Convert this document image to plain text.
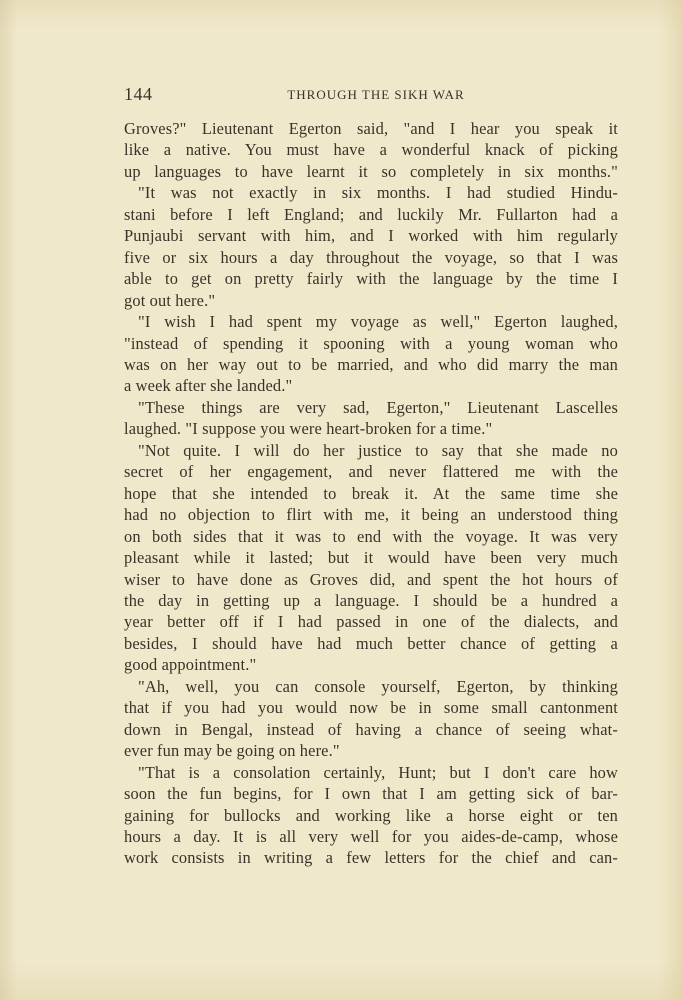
144	THROUGH THE SIKH WAR

Groves?" Lieutenant Egerton said, "and I hear you speak it

like a native. You must have a wonderful knack of picking

up languages to have learnt it so completely in six months."

"It was not exactly in six months. I had studied Hindu-

stani before I left England; and luckily Mr. Fullarton had a

Punjaubi servant with him, and I worked with him regularly

five or six hours a day throughout the voyage, so that I was

able to get on pretty fairly with the language by the time I

got out here."

"I wish I had spent my voyage as well," Egerton laughed,

"instead of spending it spooning with a young woman who

was on her way out to be married, and who did marry the man

a week after she landed."

"These things are very sad, Egerton," Lieutenant Lascelles

laughed. "I suppose you were heart-broken for a time."

"Not quite. I will do her justice to say that she made no

secret of her engagement, and never flattered me with the

hope that she intended to break it. At the same time she

had no objection to flirt with me, it being an understood thing

on both sides that it was to end with the voyage. It was very

pleasant while it lasted; but it would have been very much

wiser to have done as Groves did, and spent the hot hours of

the day in getting up a language. I should be a hundred a

year better off if I had passed in one of the dialects, and

besides, I should have had much better chance of getting a

good appointment."

"Ah, well, you can console yourself, Egerton, by thinking

that if you had you would now be in some small cantonment

down in Bengal, instead of having a chance of seeing what-

ever fun may be going on here."

"That is a consolation certainly, Hunt; but I don't care how

soon the fun begins, for I own that I am getting sick of bar-

gaining for bullocks and working like a horse eight or ten

hours a day. It is all very well for you aides-de-camp, whose

work consists in writing a few letters for the chief and can-
